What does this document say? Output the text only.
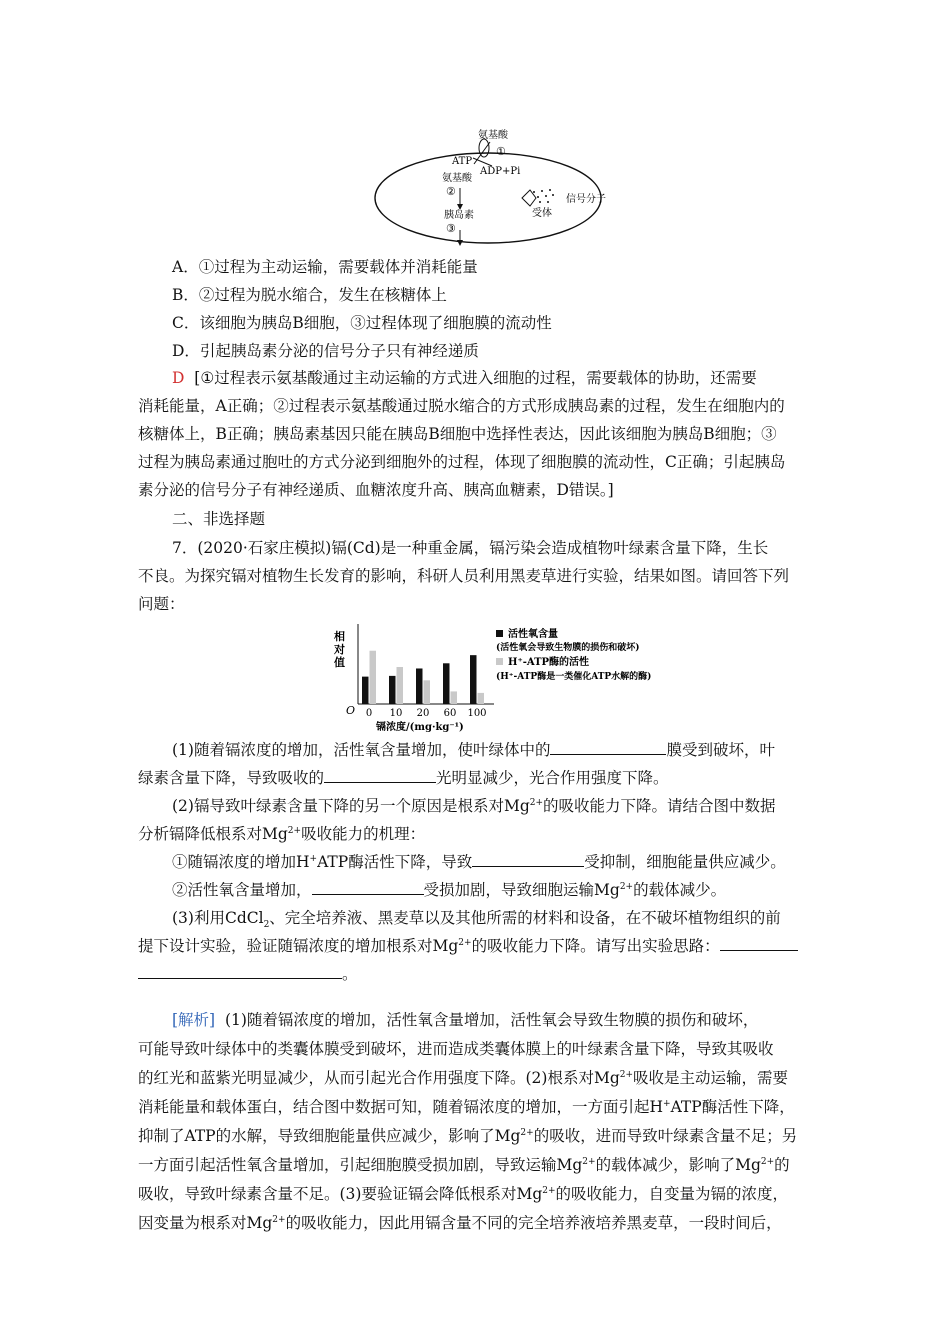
氨基酸
①
ATP
ADP+Pi
氨基酸
②
胰岛素
③
受体
信号分子
A．①过程为主动运输，需要载体并消耗能量
B．②过程为脱水缩合，发生在核糖体上
C．该细胞为胰岛B细胞，③过程体现了细胞膜的流动性
D．引起胰岛素分泌的信号分子只有神经递质
D [①过程表示氨基酸通过主动运输的方式进入细胞的过程，需要载体的协助，还需要
消耗能量，A正确；②过程表示氨基酸通过脱水缩合的方式形成胰岛素的过程，发生在细胞内的
核糖体上，B正确；胰岛素基因只能在胰岛B细胞中选择性表达，因此该细胞为胰岛B细胞；③
过程为胰岛素通过胞吐的方式分泌到细胞外的过程，体现了细胞膜的流动性，C正确；引起胰岛
素分泌的信号分子有神经递质、血糖浓度升高、胰高血糖素，D错误。]
二、非选择题
7．(2020·石家庄模拟)镉(Cd)是一种重金属，镉污染会造成植物叶绿素含量下降，生长
不良。为探究镉对植物生长发育的影响，科研人员利用黑麦草进行实验，结果如图。请回答下列
问题：
相对值
O 0 10 20 60 100
镉浓度/(mg·kg⁻¹)
活性氧含量
(活性氧会导致生物膜的损伤和破坏)
H⁺-ATP酶的活性
(H⁺-ATP酶是一类催化ATP水解的酶)
(1)随着镉浓度的增加，活性氧含量增加，使叶绿体中的	膜受到破坏，叶
绿素含量下降，导致吸收的	光明显减少，光合作用强度下降。
(2)镉导致叶绿素含量下降的另一个原因是根系对$Mg^{2+}$的吸收能力下降。请结合图中数据
分析镉降低根系对$Mg^{2+}$吸收能力的机理：
①随镉浓度的增加H+ATP酶活性下降，导致	受抑制，细胞能量供应减少。
②活性氧含量增加，	受损加剧，导致细胞运输$Mg^{2+}$的载体减少。
(3)利用CdCl$_2$、完全培养液、黑麦草以及其他所需的材料和设备，在不破坏植物组织的前
提下设计实验，验证随镉浓度的增加根系对$Mg^{2+}$的吸收能力下降。请写出实验思路：
。
[解析] (1)随着镉浓度的增加，活性氧含量增加，活性氧会导致生物膜的损伤和破坏，
可能导致叶绿体中的类囊体膜受到破坏，进而造成类囊体膜上的叶绿素含量下降，导致其吸收
的红光和蓝紫光明显减少，从而引起光合作用强度下降。(2)根系对$Mg^{2+}$吸收是主动运输，需要
消耗能量和载体蛋白，结合图中数据可知，随着镉浓度的增加，一方面引起H+ATP酶活性下降，
抑制了ATP的水解，导致细胞能量供应减少，影响了$Mg^{2+}$的吸收，进而导致叶绿素含量不足；另
一方面引起活性氧含量增加，引起细胞膜受损加剧，导致运输$Mg^{2+}$的载体减少，影响了$Mg^{2+}$的
吸收，导致叶绿素含量不足。(3)要验证镉会降低根系对$Mg^{2+}$的吸收能力，自变量为镉的浓度，
因变量为根系对$Mg^{2+}$的吸收能力，因此用镉含量不同的完全培养液培养黑麦草，一段时间后，
